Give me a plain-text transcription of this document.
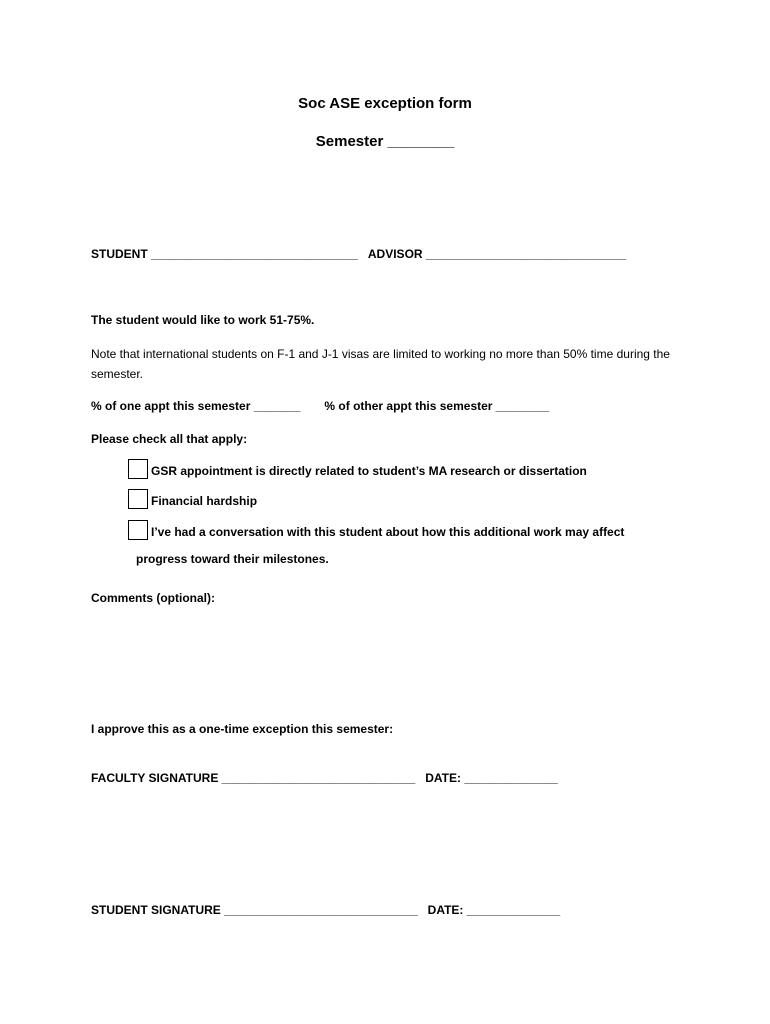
Soc ASE exception form
Semester ________
STUDENT _______________________________ ADVISOR ______________________________
The student would like to work 51-75%.
Note that international students on F-1 and J-1 visas are limited to working no more than 50% time during the semester.
% of one appt this semester _______ % of other appt this semester ________
Please check all that apply:
GSR appointment is directly related to student’s MA research or dissertation
Financial hardship
I’ve had a conversation with this student about how this additional work may affect
progress toward their milestones.
Comments (optional):
I approve this as a one-time exception this semester:
FACULTY SIGNATURE _____________________________ DATE: ______________
STUDENT SIGNATURE _____________________________ DATE: ______________
